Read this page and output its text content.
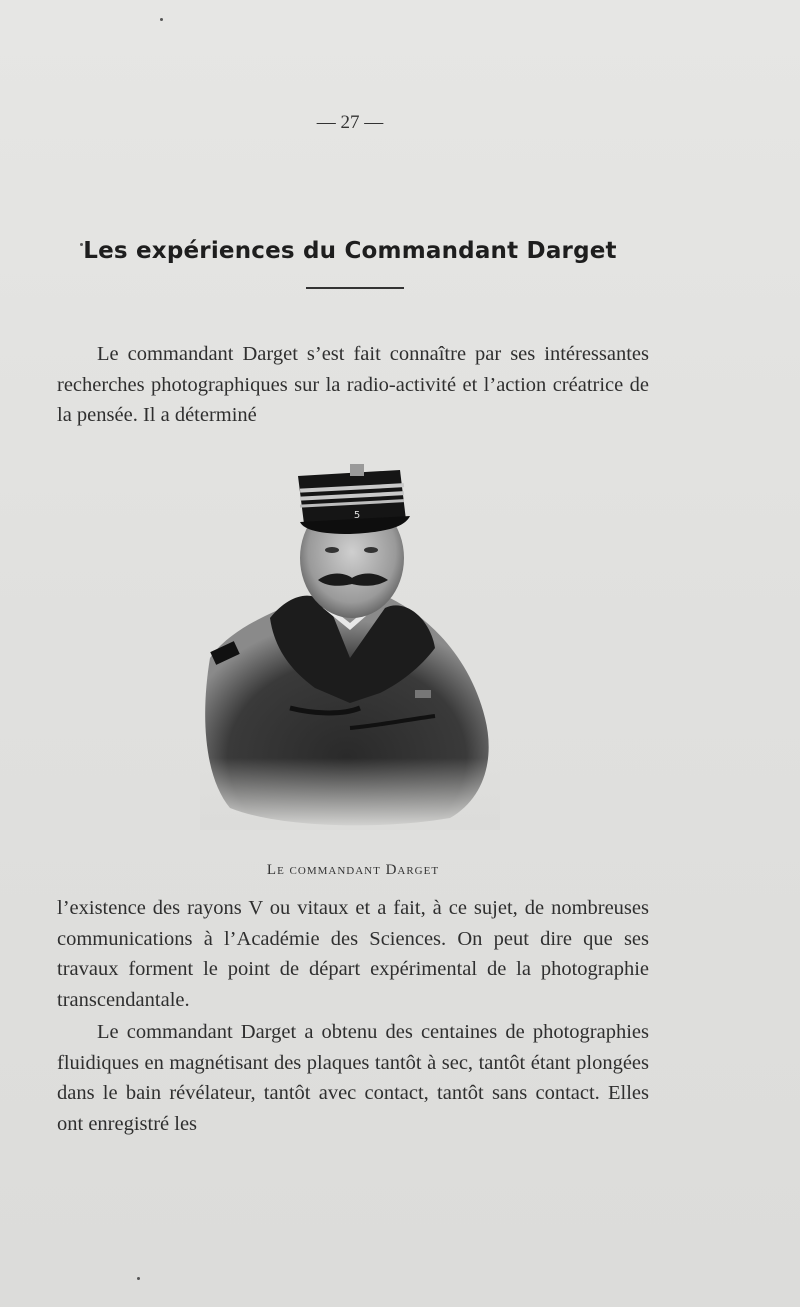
— 27 —
Les expériences du Commandant Darget

Le commandant Darget s’est fait connaître par ses intéressantes recherches photographiques sur la radio-activité et l’action créatrice de la pensée. Il a déterminé

5
Le commandant Darget

l’existence des rayons V ou vitaux et a fait, à ce sujet, de nombreuses communications à l’Académie des Sciences. On peut dire que ses travaux forment le point de départ expérimental de la photographie transcendantale.

Le commandant Darget a obtenu des centaines de photographies fluidiques en magnétisant des plaques tantôt à sec, tantôt étant plongées dans le bain révélateur, tantôt avec contact, tantôt sans contact. Elles ont enregistré les
